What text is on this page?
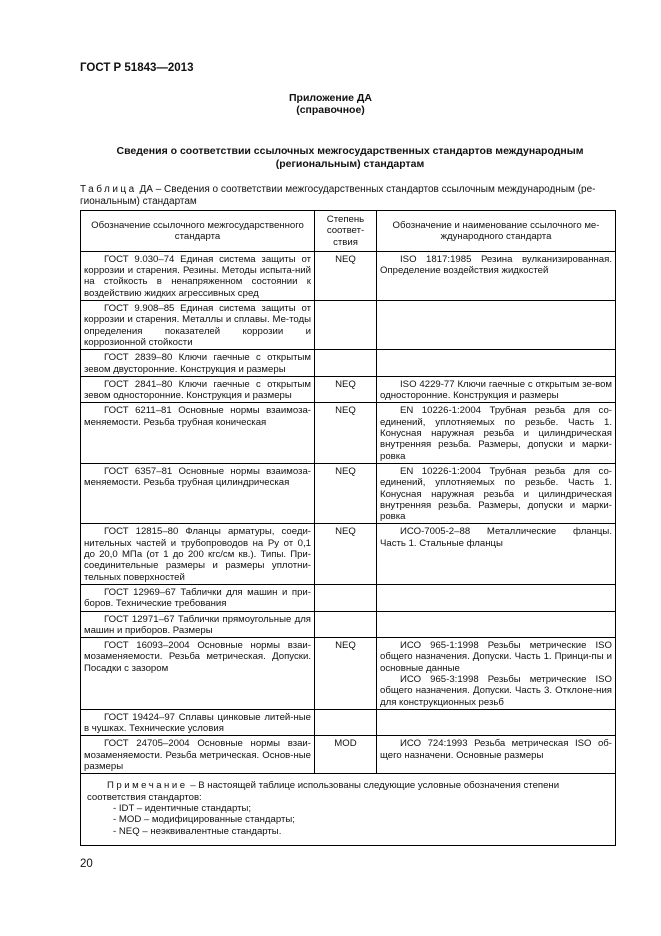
ГОСТ Р 51843—2013
Приложение ДА
(справочное)
Сведения о соответствии ссылочных межгосударственных стандартов международным
(региональным) стандартам
Таблица ДА – Сведения о соответствии межгосударственных стандартов ссылочным международным (ре-гиональным) стандартам
Обозначение ссылочного межгосударственного стандарта	Степень соответ-ствия	Обозначение и наименование ссылочного ме-ждународного стандарта
ГОСТ 9.030–74 Единая система защиты от коррозии и старения. Резины. Методы испыта-ний на стойкость в ненапряженном состоянии к воздействию жидких агрессивных сред	NEQ	ISO 1817:1985 Резина вулканизированная. Определение воздействия жидкостей

ГОСТ 9.908–85 Единая система защиты от коррозии и старения. Металлы и сплавы. Ме-тоды определения показателей коррозии и коррозионной стойкости		

ГОСТ 2839–80 Ключи гаечные с открытым зевом двусторонние. Конструкция и размеры		

ГОСТ 2841–80 Ключи гаечные с открытым зевом односторонние. Конструкция и размеры	NEQ	ISO 4229-77 Ключи гаечные с открытым зе-вом односторонние. Конструкция и размеры

ГОСТ 6211–81 Основные нормы взаимоза-меняемости. Резьба трубная коническая	NEQ	EN 10226-1:2004 Трубная резьба для со-единений, уплотняемых по резьбе. Часть 1. Конусная наружная резьба и цилиндрическая внутренняя резьба. Размеры, допуски и марки-ровка

ГОСТ 6357–81 Основные нормы взаимоза-меняемости. Резьба трубная цилиндрическая	NEQ	EN 10226-1:2004 Трубная резьба для со-единений, уплотняемых по резьбе. Часть 1. Конусная наружная резьба и цилиндрическая внутренняя резьба. Размеры, допуски и марки-ровка

ГОСТ 12815–80 Фланцы арматуры, соеди-нительных частей и трубопроводов на Py от 0,1 до 20,0 МПа (от 1 до 200 кгс/см кв.). Типы. При-соединительные размеры и размеры уплотни-тельных поверхностей	NEQ	ИСО-7005-2–88 Металлические фланцы. Часть 1. Стальные фланцы

ГОСТ 12969–67 Таблички для машин и при-боров. Технические требования		

ГОСТ 12971–67 Таблички прямоугольные для машин и приборов. Размеры		

ГОСТ 16093–2004 Основные нормы взаи-мозаменяемости. Резьба метрическая. Допуски. Посадки с зазором	NEQ	ИСО 965-1:1998 Резьбы метрические ISO общего назначения. Допуски. Часть 1. Принци-пы и основные данные
ИСО 965-3:1998 Резьбы метрические ISO общего назначения. Допуски. Часть 3. Отклоне-ния для конструкционных резьб

ГОСТ 19424–97 Сплавы цинковые литей-ные в чушках. Технические условия		

ГОСТ 24705–2004 Основные нормы взаи-мозаменяемости. Резьба метрическая. Основ-ные размеры	MOD	ИСО 724:1993 Резьба метрическая ISO об-щего назначени. Основные размеры

Примечание – В настоящей таблице использованы следующие условные обозначения степени соответствия стандартов:
- IDT – идентичные стандарты;
- MOD – модифицированные стандарты;
- NEQ – неэквивалентные стандарты.		
20
